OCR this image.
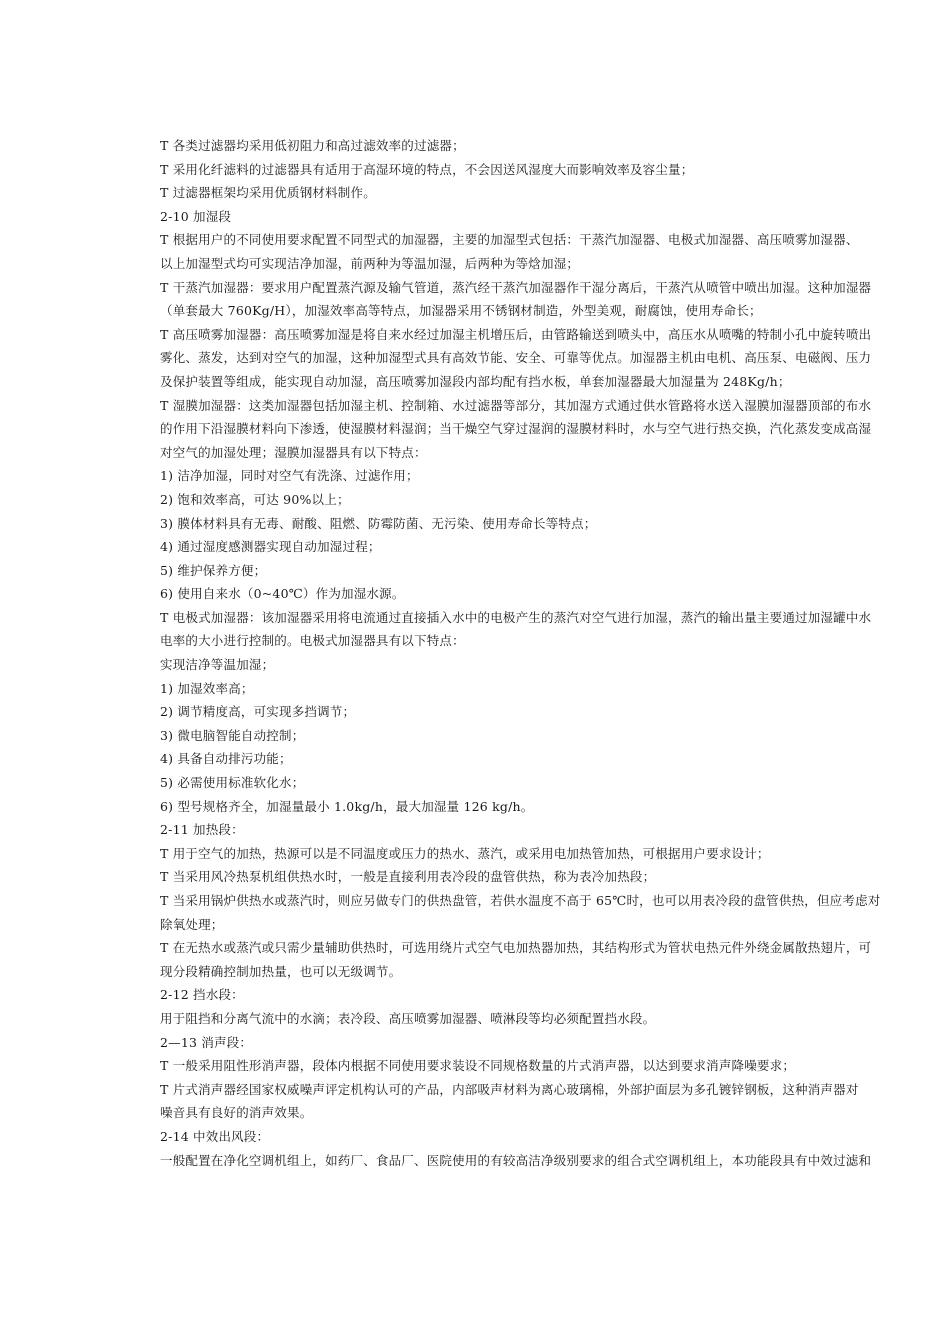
T 各类过滤器均采用低初阻力和高过滤效率的过滤器；
T 采用化纤滤料的过滤器具有适用于高湿环境的特点，不会因送风湿度大而影响效率及容尘量；
T 过滤器框架均采用优质钢材料制作。
2-10 加湿段
T 根据用户的不同使用要求配置不同型式的加湿器，主要的加湿型式包括：干蒸汽加湿器、电极式加湿器、高压喷雾加湿器、
以上加湿型式均可实现洁净加湿，前两种为等温加湿，后两种为等焓加湿；
T 干蒸汽加湿器：要求用户配置蒸汽源及输气管道，蒸汽经干蒸汽加湿器作干湿分离后，干蒸汽从喷管中喷出加湿。这种加湿器
（单套最大 760Kg/H），加湿效率高等特点，加湿器采用不锈钢材制造，外型美观，耐腐蚀，使用寿命长；
T 高压喷雾加湿器：高压喷雾加湿是将自来水经过加湿主机增压后，由管路输送到喷头中，高压水从喷嘴的特制小孔中旋转喷出
雾化、蒸发，达到对空气的加湿，这种加湿型式具有高效节能、安全、可靠等优点。加湿器主机由电机、高压泵、电磁阀、压力
及保护装置等组成，能实现自动加湿，高压喷雾加湿段内部均配有挡水板，单套加湿器最大加湿量为 248Kg/h；
T 湿膜加湿器：这类加湿器包括加湿主机、控制箱、水过滤器等部分，其加湿方式通过供水管路将水送入湿膜加湿器顶部的布水
的作用下沿湿膜材料向下渗透，使湿膜材料湿润；当干燥空气穿过湿润的湿膜材料时，水与空气进行热交换，汽化蒸发变成高湿
对空气的加湿处理；湿膜加湿器具有以下特点：
1) 洁净加湿，同时对空气有洗涤、过滤作用；
2) 饱和效率高，可达 90%以上；
3) 膜体材料具有无毒、耐酸、阻燃、防霉防菌、无污染、使用寿命长等特点；
4) 通过湿度感测器实现自动加湿过程；
5) 维护保养方便；
6) 使用自来水（0~40℃）作为加湿水源。
T 电极式加湿器：该加湿器采用将电流通过直接插入水中的电极产生的蒸汽对空气进行加湿，蒸汽的输出量主要通过加湿罐中水
电率的大小进行控制的。电极式加湿器具有以下特点：
实现洁净等温加湿；
1) 加湿效率高；
2) 调节精度高，可实现多挡调节；
3) 微电脑智能自动控制；
4) 具备自动排污功能；
5) 必需使用标准软化水；
6) 型号规格齐全，加湿量最小 1.0kg/h，最大加湿量 126 kg/h。
2-11 加热段：
T 用于空气的加热，热源可以是不同温度或压力的热水、蒸汽，或采用电加热管加热，可根据用户要求设计；
T 当采用风冷热泵机组供热水时，一般是直接利用表冷段的盘管供热，称为表冷加热段；
T 当采用锅炉供热水或蒸汽时，则应另做专门的供热盘管，若供水温度不高于 65℃时，也可以用表冷段的盘管供热，但应考虑对
除氧处理；
T 在无热水或蒸汽或只需少量辅助供热时，可选用绕片式空气电加热器加热，其结构形式为管状电热元件外绕金属散热翅片，可
现分段精确控制加热量，也可以无级调节。
2-12 挡水段：
用于阻挡和分离气流中的水滴；表冷段、高压喷雾加湿器、喷淋段等均必须配置挡水段。
2—13 消声段：
T 一般采用阻性形消声器，段体内根据不同使用要求装设不同规格数量的片式消声器，以达到要求消声降噪要求；
T 片式消声器经国家权威噪声评定机构认可的产品，内部吸声材料为离心玻璃棉，外部护面层为多孔镀锌钢板，这种消声器对
噪音具有良好的消声效果。
2-14 中效出风段：
一般配置在净化空调机组上，如药厂、食品厂、医院使用的有较高洁净级别要求的组合式空调机组上，本功能段具有中效过滤和
